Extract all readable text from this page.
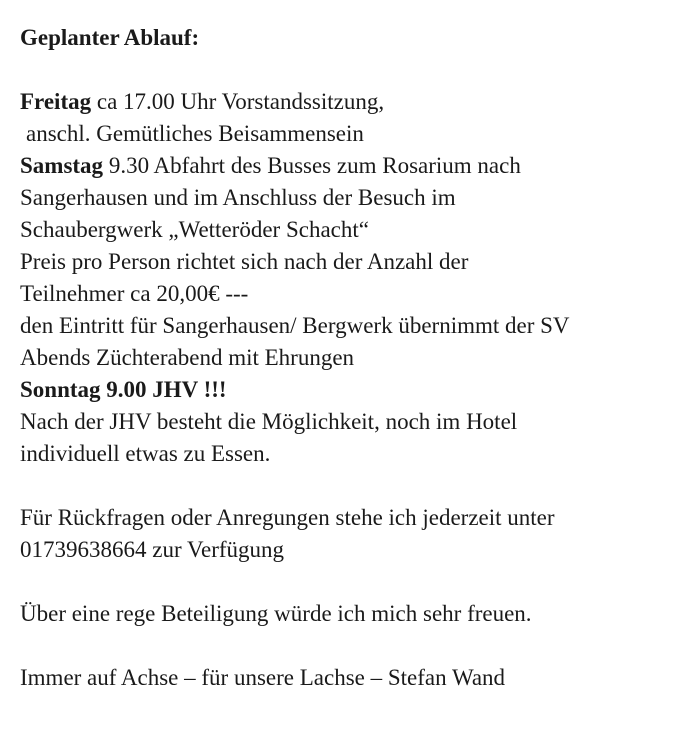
Geplanter Ablauf:
Freitag ca 17.00 Uhr Vorstandssitzung,
anschl. Gemütliches Beisammensein
Samstag 9.30 Abfahrt des Busses zum Rosarium nach
Sangerhausen und im Anschluss der Besuch im
Schaubergwerk „Wetteröder Schacht“
Preis pro Person richtet sich nach der Anzahl der
Teilnehmer ca 20,00€ ---
den Eintritt für Sangerhausen/ Bergwerk übernimmt der SV
Abends Züchterabend mit Ehrungen
Sonntag 9.00 JHV !!!
Nach der JHV besteht die Möglichkeit, noch im Hotel
individuell etwas zu Essen.
Für Rückfragen oder Anregungen stehe ich jederzeit unter
01739638664 zur Verfügung
Über eine rege Beteiligung würde ich mich sehr freuen.
Immer auf Achse – für unsere Lachse – Stefan Wand
